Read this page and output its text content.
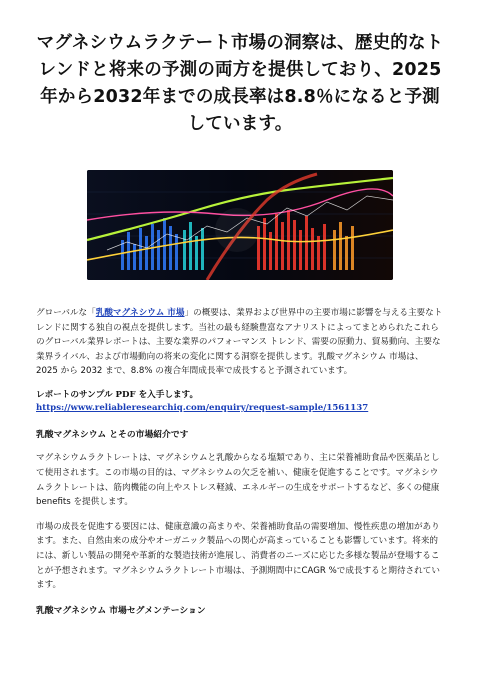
マグネシウムラクテート市場の洞察は、歴史的なトレンドと将来の予測の両方を提供しており、2025年から2032年までの成長率は8.8％になると予測しています。

グローバルな「乳酸マグネシウム 市場」の概要は、業界および世界中の主要市場に影響を与える主要なトレンドに関する独自の視点を提供します。当社の最も経験豊富なアナリストによってまとめられたこれらのグローバル業界レポートは、主要な業界のパフォーマンス トレンド、需要の原動力、貿易動向、主要な業界ライバル、および市場動向の将来の変化に関する洞察を提供します。乳酸マグネシウム 市場は、2025 から 2032 まで、8.8% の複合年間成長率で成長すると予測されています。

レポートのサンプル PDF を入手します。 https://www.reliableresearchiq.com/enquiry/request-sample/1561137

乳酸マグネシウム とその市場紹介です

マグネシウムラクトレートは、マグネシウムと乳酸からなる塩類であり、主に栄養補助食品や医薬品として使用されます。この市場の目的は、マグネシウムの欠乏を補い、健康を促進することです。マグネシウムラクトレートは、筋肉機能の向上やストレス軽減、エネルギーの生成をサポートするなど、多くの健康 benefits を提供します。

市場の成長を促進する要因には、健康意識の高まりや、栄養補助食品の需要増加、慢性疾患の増加があります。また、自然由来の成分やオーガニック製品への関心が高まっていることも影響しています。将来的には、新しい製品の開発や革新的な製造技術が進展し、消費者のニーズに応じた多様な製品が登場することが予想されます。マグネシウムラクトレート市場は、予測期間中にCAGR %で成長すると期待されています。

乳酸マグネシウム 市場セグメンテーション
